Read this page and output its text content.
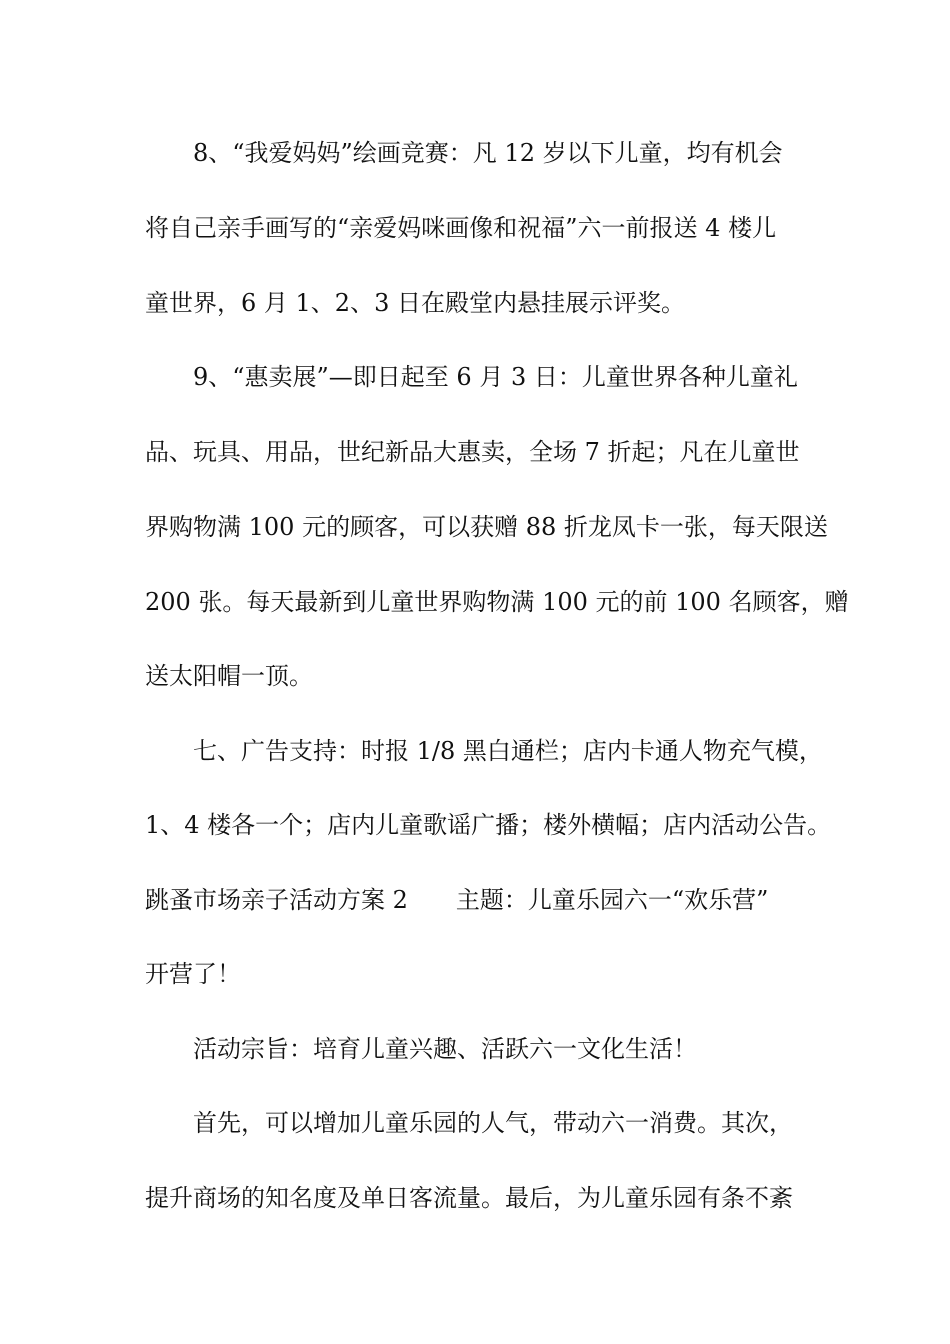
8、“我爱妈妈”绘画竞赛：凡 12 岁以下儿童，均有机会
将自己亲手画写的“亲爱妈咪画像和祝福”六一前报送 4 楼儿
童世界，6 月 1、2、3 日在殿堂内悬挂展示评奖。
9、“惠卖展”—即日起至 6 月 3 日：儿童世界各种儿童礼
品、玩具、用品，世纪新品大惠卖，全场 7 折起；凡在儿童世
界购物满 100 元的顾客，可以获赠 88 折龙凤卡一张，每天限送
200 张。每天最新到儿童世界购物满 100 元的前 100 名顾客，赠
送太阳帽一顶。
七、广告支持：时报 1/8 黑白通栏；店内卡通人物充气模，
1、4 楼各一个；店内儿童歌谣广播；楼外横幅；店内活动公告。
跳蚤市场亲子活动方案 2　　主题：儿童乐园六一“欢乐营”
开营了！
活动宗旨：培育儿童兴趣、活跃六一文化生活！
首先，可以增加儿童乐园的人气，带动六一消费。其次，
提升商场的知名度及单日客流量。最后，为儿童乐园有条不紊
